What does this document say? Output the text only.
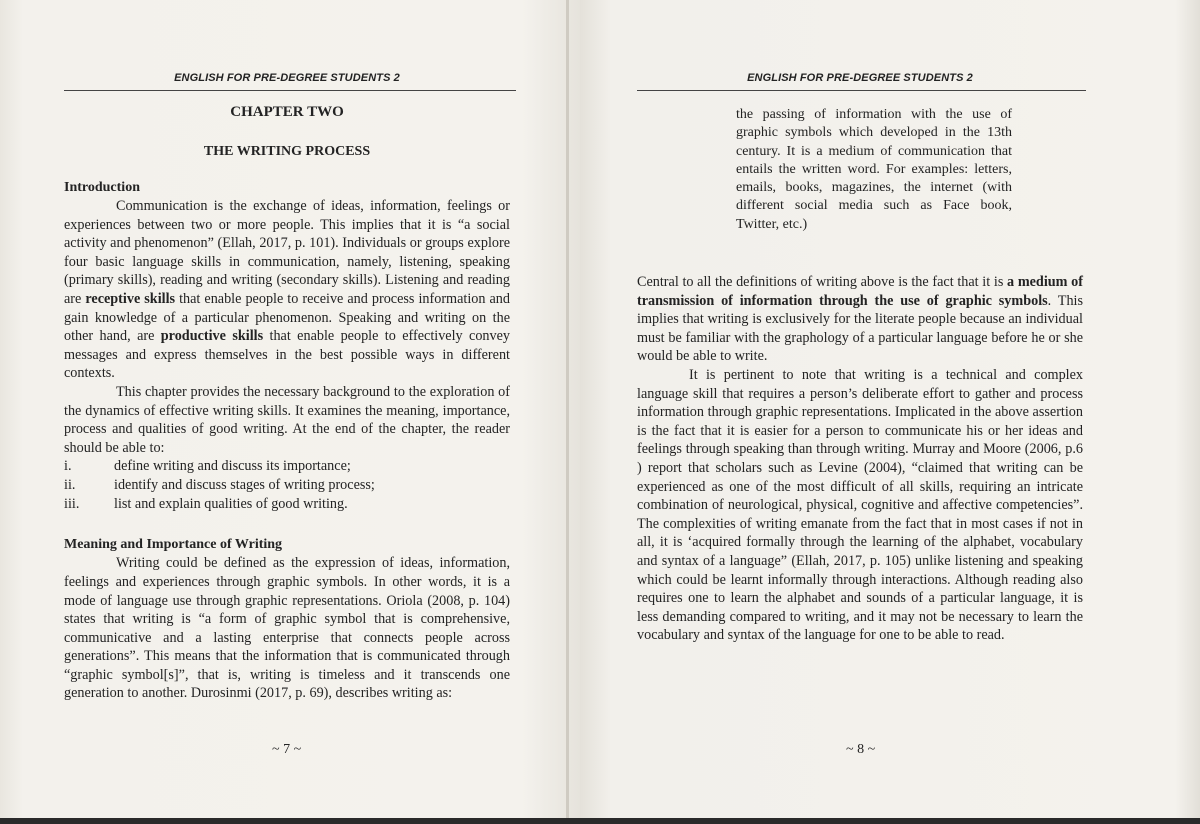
ENGLISH FOR PRE-DEGREE STUDENTS 2
CHAPTER TWO
THE WRITING PROCESS
Introduction

Communication is the exchange of ideas, information, feelings or experiences between two or more people. This implies that it is “a social activity and phenomenon” (Ellah, 2017, p. 101). Individuals or groups explore four basic language skills in communication, namely, listening, speaking (primary skills), reading and writing (secondary skills). Listening and reading are receptive skills that enable people to receive and process information and gain knowledge of a particular phenomenon. Speaking and writing on the other hand, are productive skills that enable people to effectively convey messages and express themselves in the best possible ways in different contexts.

This chapter provides the necessary background to the exploration of the dynamics of effective writing skills. It examines the meaning, importance, process and qualities of good writing. At the end of the chapter, the reader should be able to:

i.	define writing and discuss its importance;
ii.	identify and discuss stages of writing process;
iii.	list and explain qualities of good writing.
Meaning and Importance of Writing

Writing could be defined as the expression of ideas, information, feelings and experiences through graphic symbols. In other words, it is a mode of language use through graphic representations. Oriola (2008, p. 104) states that writing is “a form of graphic symbol that is comprehensive, communicative and a lasting enterprise that connects people across generations”. This means that the information that is communicated through “graphic symbol[s]”, that is, writing is timeless and it transcends one generation to another. Durosinmi (2017, p. 69), describes writing as:

~ 7 ~
ENGLISH FOR PRE-DEGREE STUDENTS 2

the passing of information with the use of graphic symbols which developed in the 13th century. It is a medium of communication that entails the written word. For examples: letters, emails, books, magazines, the internet (with different social media such as Face book, Twitter, etc.)

Central to all the definitions of writing above is the fact that it is a medium of transmission of information through the use of graphic symbols. This implies that writing is exclusively for the literate people because an individual must be familiar with the graphology of a particular language before he or she would be able to write.

It is pertinent to note that writing is a technical and complex language skill that requires a person’s deliberate effort to gather and process information through graphic representations. Implicated in the above assertion is the fact that it is easier for a person to communicate his or her ideas and feelings through speaking than through writing. Murray and Moore (2006, p.6 ) report that scholars such as Levine (2004), “claimed that writing can be experienced as one of the most difficult of all skills, requiring an intricate combination of neurological, physical, cognitive and affective competencies”. The complexities of writing emanate from the fact that in most cases if not in all, it is ‘acquired formally through the learning of the alphabet, vocabulary and syntax of a language” (Ellah, 2017, p. 105) unlike listening and speaking which could be learnt informally through interactions. Although reading also requires one to learn the alphabet and sounds of a particular language, it is less demanding compared to writing, and it may not be necessary to learn the vocabulary and syntax of the language for one to be able to read.

~ 8 ~
